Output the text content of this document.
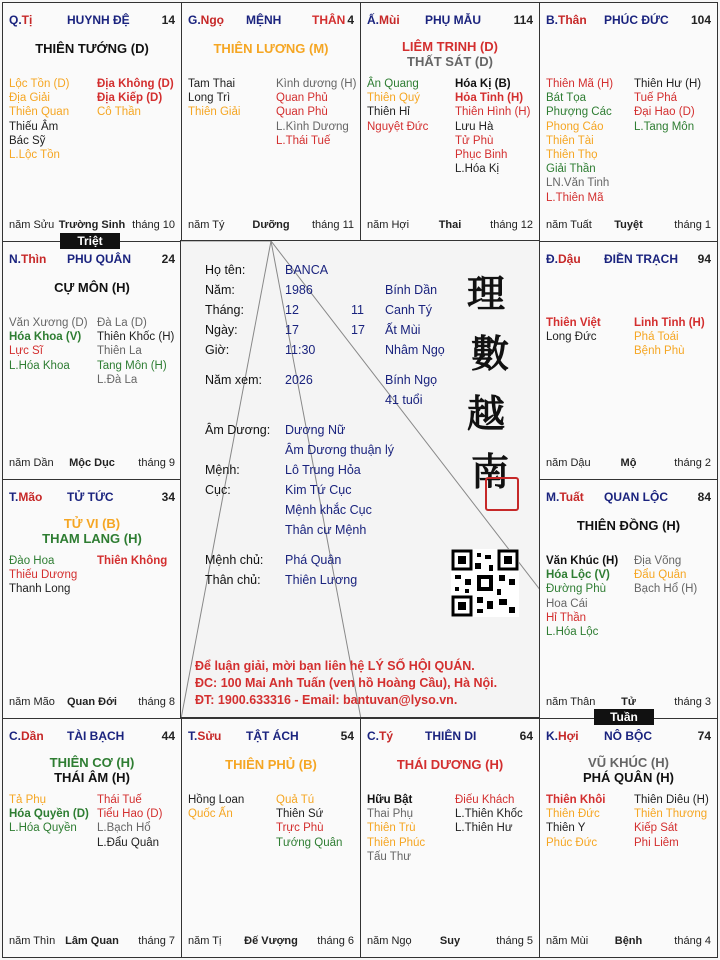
Q.Tị	HUYNH ĐỆ	14
THIÊN TƯỚNG (D)
Lộc Tồn (D)
Địa Giải
Thiên Quan
Thiếu Âm
Bác Sỹ
L.Lộc Tồn
Địa Không (D)
Địa Kiếp (D)
Cô Thần
năm Sửu Trường Sinh tháng 10
G.Ngọ MỆNH	THÂN 4
THIÊN LƯƠNG (M)
Tam Thai
Long Trì
Thiên Giải
Kình dương (H)
Quan Phủ
Quan Phù
L.Kình Dương
L.Thái Tuế
năm Tý	Dưỡng	tháng 11
Ấ.Mùi PHỤ MẪU	114
LIÊM TRINH (D)
THẤT SÁT (D)
Ân Quang
Thiên Quý
Thiên Hỉ
Nguyệt Đức
Hóa Kị (B)
Hỏa Tinh (H)
Thiên Hình (H)
Lưu Hà
Tử Phù
Phục Binh
L.Hóa Kị
năm Hợi	Thai	tháng 12
B.Thân PHÚC ĐỨC 104
Thiên Mã (H)
Bát Tọa
Phượng Các
Phong Cáo
Thiên Tài
Thiên Thọ
Giải Thần
LN.Văn Tinh
L.Thiên Mã
Thiên Hư (H)
Tuế Phá
Đại Hao (D)
L.Tang Môn
năm Tuất	Tuyệt	tháng 1
N.Thìn PHU QUÂN	24
CỰ MÔN (H)
Văn Xương (D)
Hóa Khoa (V)
Lực Sĩ
L.Hóa Khoa
Đà La (D)
Thiên Khốc (H)
Thiên La
Tang Môn (H)
L.Đà La
năm Dần	Mộc Dục	tháng 9
Đ.Dậu ĐIỀN TRẠCH 94
Thiên Việt
Long Đức
Linh Tinh (H)
Phá Toái
Bệnh Phù
năm Dậu	Mộ	tháng 2
T.Mão TỬ TỨC	34
TỬ VI (B)
THAM LANG (H)
Đào Hoa
Thiếu Dương
Thanh Long
Thiên Không
năm Mão	Quan Đới	tháng 8
M.Tuất QUAN LỘC 84
THIÊN ĐỒNG (H)
Văn Khúc (H)
Hóa Lộc (V)
Đường Phù
Hoa Cái
Hỉ Thần
L.Hóa Lộc
Địa Võng
Đẩu Quân
Bạch Hổ (H)
năm Thân	Tử	tháng 3
C.Dần TÀI BẠCH	44
THIÊN CƠ (H)
THÁI ÂM (H)
Tả Phụ
Hóa Quyền (D)
L.Hóa Quyền
Thái Tuế
Tiểu Hao (D)
L.Bạch Hổ
L.Đẩu Quân
năm Thìn Lâm Quan	tháng 7
T.Sửu TẬT ÁCH	54
THIÊN PHỦ (B)
Hồng Loan
Quốc Ấn
Quả Tú
Thiên Sứ
Trực Phù
Tướng Quân
năm Tị	Đế Vượng	tháng 6
C.Tý	THIÊN DI	64
THÁI DƯƠNG (H)
Hữu Bật
Thai Phụ
Thiên Trù
Thiên Phúc
Tấu Thư
Điếu Khách
L.Thiên Khốc
L.Thiên Hư
năm Ngọ	Suy	tháng 5
K.Hợi NÔ BỘC	74
VŨ KHÚC (H)
PHÁ QUÂN (H)
Thiên Khôi
Thiên Đức
Thiên Y
Phúc Đức
Thiên Diêu (H)
Thiên Thương
Kiếp Sát
Phi Liêm
năm Mùi	Bệnh	tháng 4
Họ tên:	BANCA
Năm:	1986	Bính Dần
Tháng:	12	11 Canh Tý
Ngày:	17	17 Ất Mùi
Giờ:	11:30	Nhâm Ngọ
Năm xem: 2026	Bính Ngọ
41 tuổi
Âm Dương: Dương Nữ
Âm Dương thuận lý
Mệnh:	Lô Trung Hỏa
Cục:	Kim Tứ Cục
Mệnh khắc Cục
Thân cư Mệnh
Mệnh chủ: Phá Quân
Thân chủ: Thiên Lương
理
數
越
南
Để luận giải, mời bạn liên hệ LÝ SỐ HỘI QUÁN.
ĐC: 100 Mai Anh Tuấn (ven hồ Hoàng Cầu), Hà Nội.
ĐT: 1900.633316 - Email: bantuvan@lyso.vn.
Triệt
Tuần
